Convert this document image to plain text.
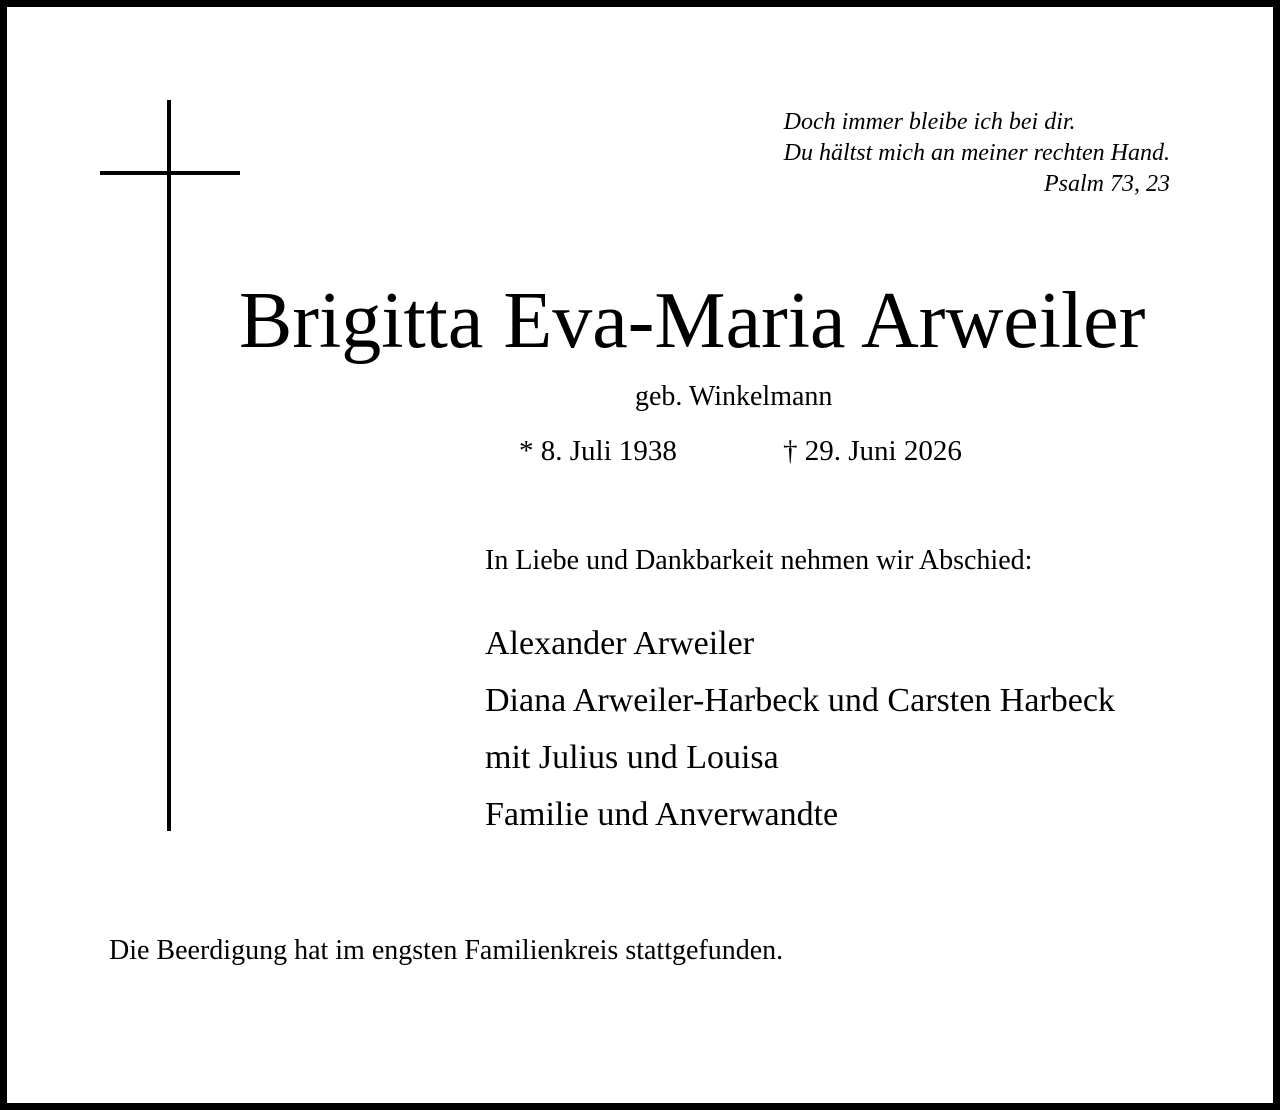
Doch immer bleibe ich bei dir.
Du hältst mich an meiner rechten Hand.
Psalm 73, 23
Brigitta Eva-Maria Arweiler
geb. Winkelmann
* 8. Juli 1938	† 29. Juni 2026
In Liebe und Dankbarkeit nehmen wir Abschied:
Alexander Arweiler
Diana Arweiler-Harbeck und Carsten Harbeck
mit Julius und Louisa
Familie und Anverwandte
Die Beerdigung hat im engsten Familienkreis stattgefunden.
